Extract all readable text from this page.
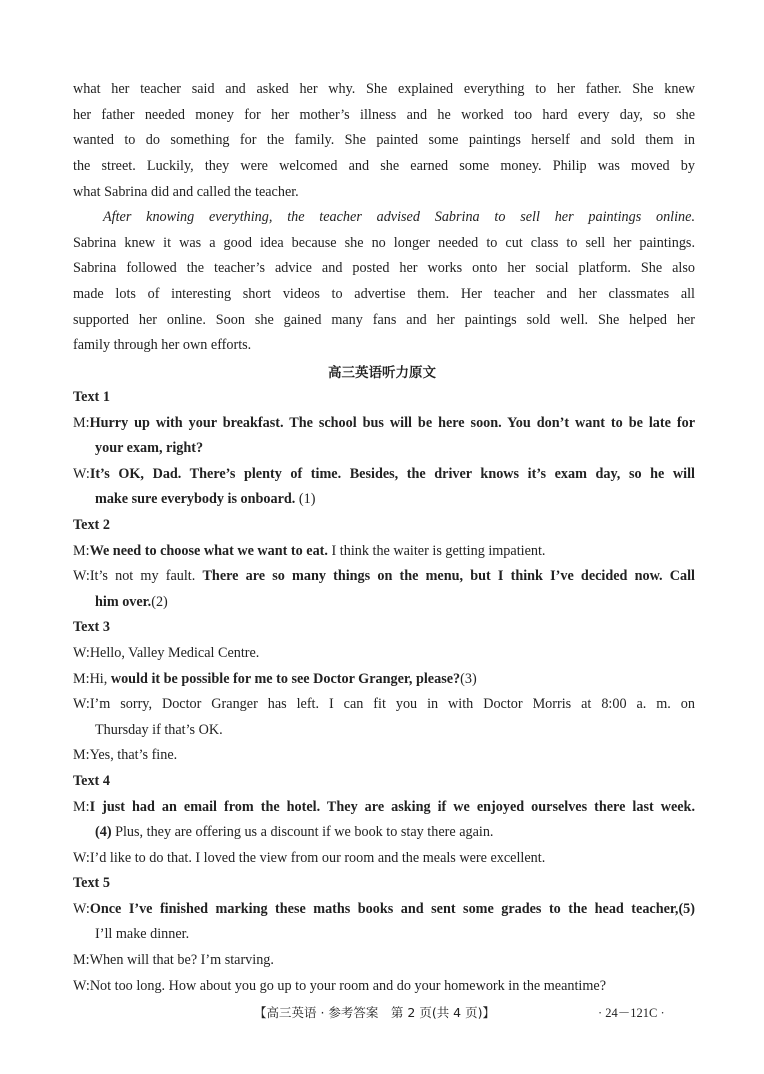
what her teacher said and asked her why. She explained everything to her father. She knew
her father needed money for her mother’s illness and he worked too hard every day, so she
wanted to do something for the family. She painted some paintings herself and sold them in
the street. Luckily, they were welcomed and she earned some money. Philip was moved by
what Sabrina did and called the teacher.
After knowing everything, the teacher advised Sabrina to sell her paintings online.
Sabrina knew it was a good idea because she no longer needed to cut class to sell her paintings.
Sabrina followed the teacher’s advice and posted her works onto her social platform. She also
made lots of interesting short videos to advertise them. Her teacher and her classmates all
supported her online. Soon she gained many fans and her paintings sold well. She helped her
family through her own efforts.
高三英语听力原文
Text 1
M:Hurry up with your breakfast. The school bus will be here soon. You don’t want to be late for
your exam, right?
W:It’s OK, Dad. There’s plenty of time. Besides, the driver knows it’s exam day, so he will
make sure everybody is onboard. (1)
Text 2
M:We need to choose what we want to eat. I think the waiter is getting impatient.
W:It’s not my fault. There are so many things on the menu, but I think I’ve decided now. Call
him over.(2)
Text 3
W:Hello, Valley Medical Centre.
M:Hi, would it be possible for me to see Doctor Granger, please?(3)
W:I’m sorry, Doctor Granger has left. I can fit you in with Doctor Morris at 8:00 a. m. on
Thursday if that’s OK.
M:Yes, that’s fine.
Text 4
M:I just had an email from the hotel. They are asking if we enjoyed ourselves there last week.
(4) Plus, they are offering us a discount if we book to stay there again.
W:I’d like to do that. I loved the view from our room and the meals were excellent.
Text 5
W:Once I’ve finished marking these maths books and sent some grades to the head teacher,(5)
I’ll make dinner.
M:When will that be? I’m starving.
W:Not too long. How about you go up to your room and do your homework in the meantime?
【高三英语 · 参考答案　第 2 页(共 4 页)】	· 24－121C ·
